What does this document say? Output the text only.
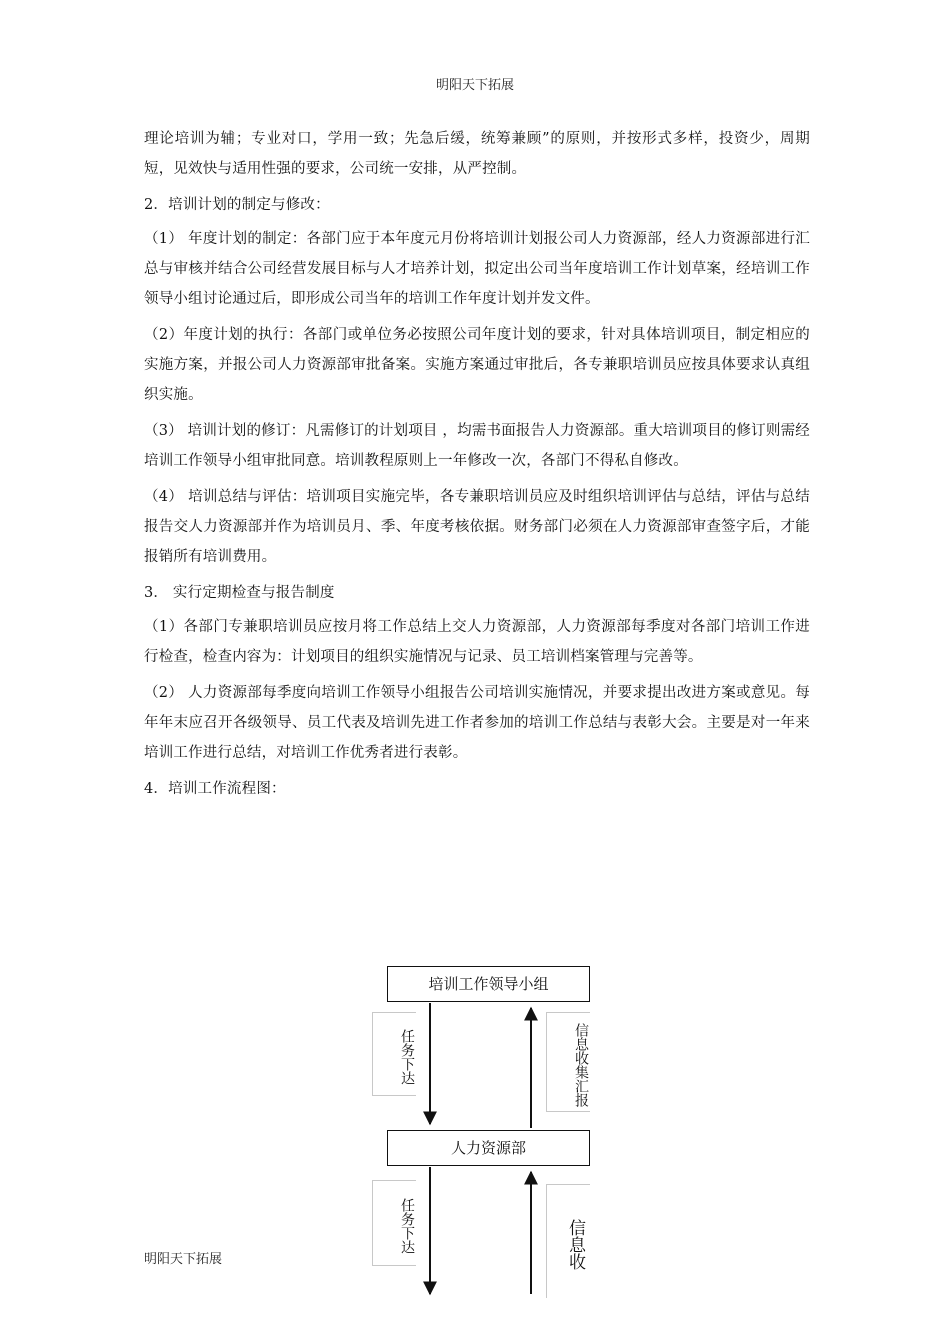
明阳天下拓展

理论培训为辅；专业对口，学用一致；先急后缓，统筹兼顾”的原则，并按形式多样，投资少，周期短，见效快与适用性强的要求，公司统一安排，从严控制。

2．培训计划的制定与修改：

（1） 年度计划的制定：各部门应于本年度元月份将培训计划报公司人力资源部，经人力资源部进行汇总与审核并结合公司经营发展目标与人才培养计划，拟定出公司当年度培训工作计划草案，经培训工作领导小组讨论通过后，即形成公司当年的培训工作年度计划并发文件。

（2）年度计划的执行：各部门或单位务必按照公司年度计划的要求，针对具体培训项目，制定相应的实施方案，并报公司人力资源部审批备案。实施方案通过审批后，各专兼职培训员应按具体要求认真组织实施。

（3） 培训计划的修订：凡需修订的计划项目 ，均需书面报告人力资源部。重大培训项目的修订则需经培训工作领导小组审批同意。培训教程原则上一年修改一次，各部门不得私自修改。

（4） 培训总结与评估：培训项目实施完毕，各专兼职培训员应及时组织培训评估与总结，评估与总结报告交人力资源部并作为培训员月、季、年度考核依据。财务部门必须在人力资源部审查签字后，才能报销所有培训费用。

3． 实行定期检查与报告制度

（1）各部门专兼职培训员应按月将工作总结上交人力资源部，人力资源部每季度对各部门培训工作进行检查，检查内容为：计划项目的组织实施情况与记录、员工培训档案管理与完善等。

（2） 人力资源部每季度向培训工作领导小组报告公司培训实施情况，并要求提出改进方案或意见。每年年末应召开各级领导、员工代表及培训先进工作者参加的培训工作总结与表彰大会。主要是对一年来培训工作进行总结，对培训工作优秀者进行表彰。

4．培训工作流程图：

培训工作领导小组
任务下达	信息收集汇报
人力资源部
任务下达	信息收
明阳天下拓展
